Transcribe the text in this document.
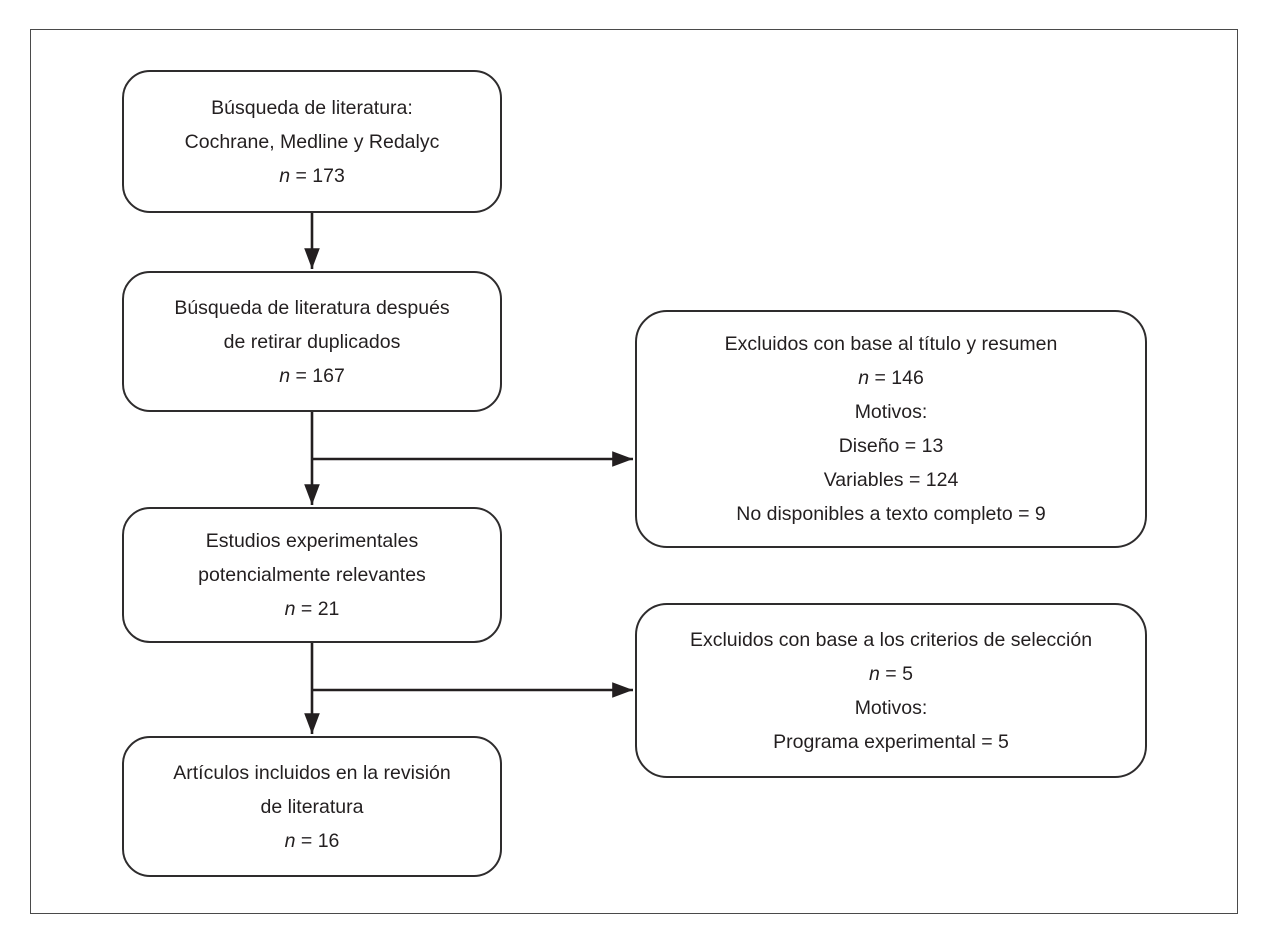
Búsqueda de literatura:
Cochrane, Medline y Redalyc
n = 173
Búsqueda de literatura después
de retirar duplicados
n = 167
Estudios experimentales
potencialmente relevantes
n = 21
Artículos incluidos en la revisión
de literatura
n = 16
Excluidos con base al título y resumen
n = 146
Motivos:
Diseño = 13
Variables = 124
No disponibles a texto completo = 9
Excluidos con base a los criterios de selección
n = 5
Motivos:
Programa experimental = 5
